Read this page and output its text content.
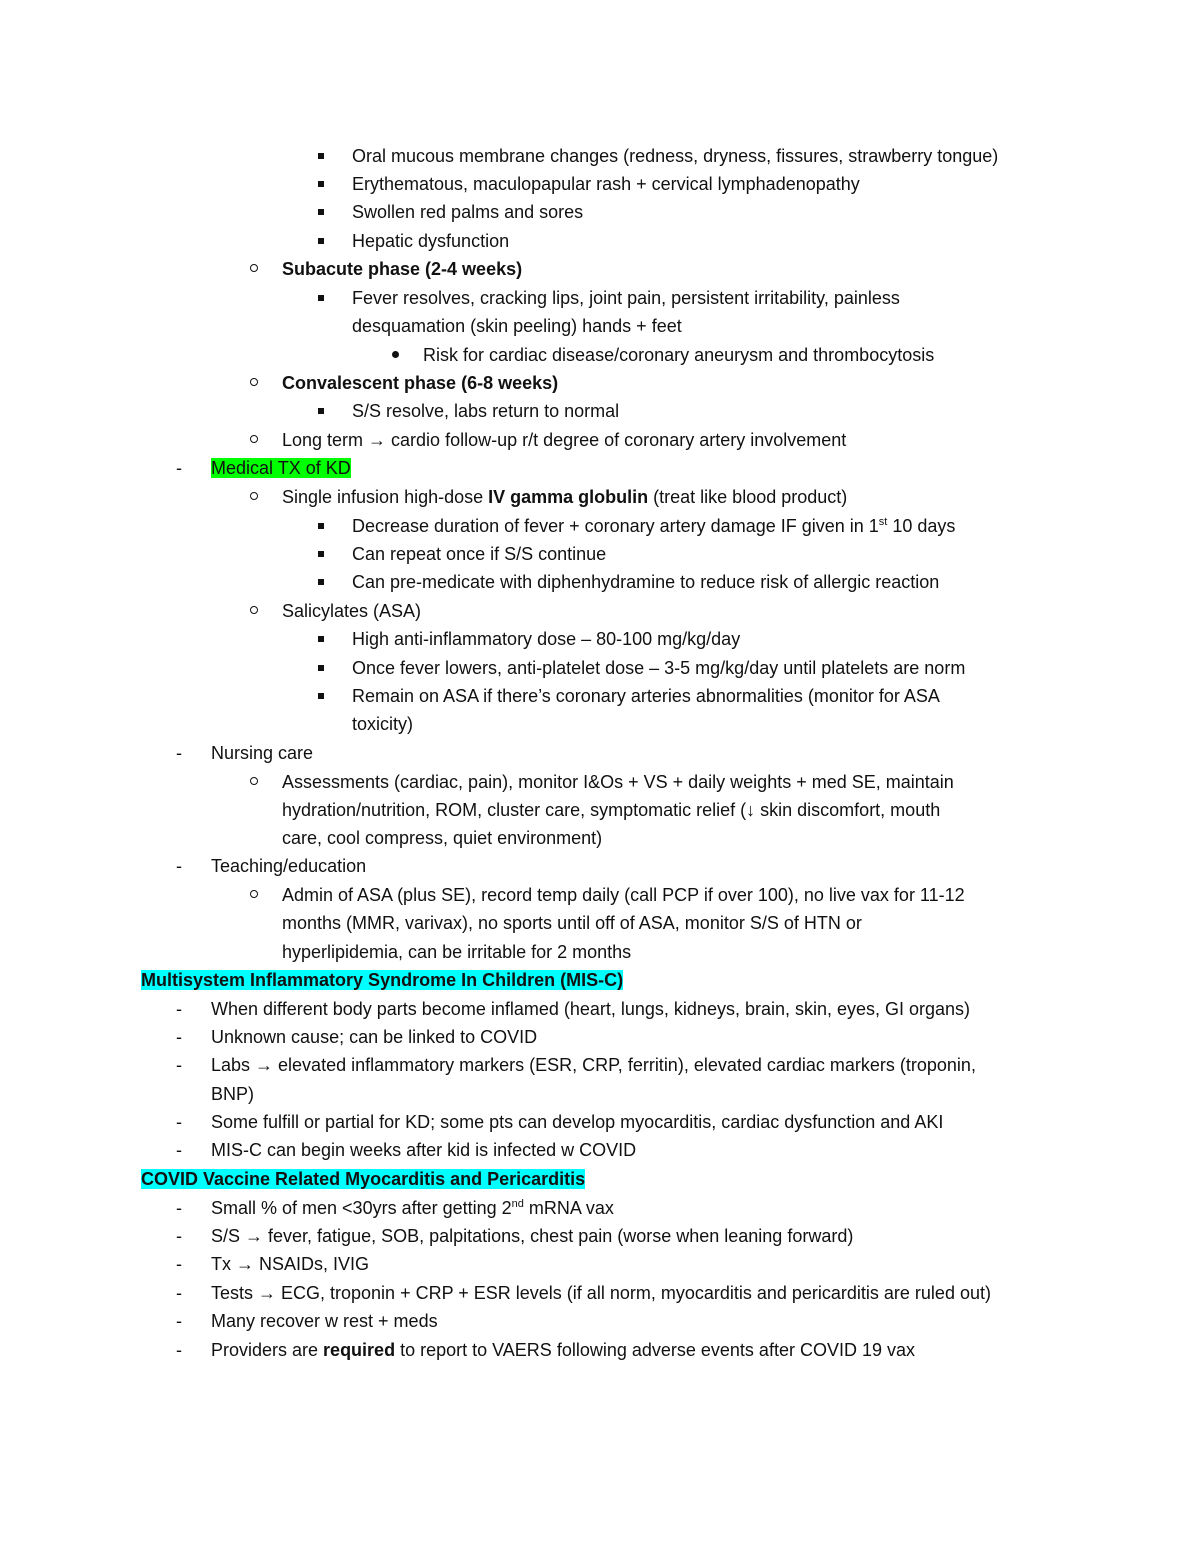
Oral mucous membrane changes (redness, dryness, fissures, strawberry tongue)
Erythematous, maculopapular rash + cervical lymphadenopathy
Swollen red palms and sores
Hepatic dysfunction
Subacute phase (2-4 weeks)
Fever resolves, cracking lips, joint pain, persistent irritability, painless
desquamation (skin peeling) hands + feet
Risk for cardiac disease/coronary aneurysm and thrombocytosis
Convalescent phase (6-8 weeks)
S/S resolve, labs return to normal
Long term → cardio follow-up r/t degree of coronary artery involvement
- Medical TX of KD
Single infusion high-dose IV gamma globulin (treat like blood product)
Decrease duration of fever + coronary artery damage IF given in 1st 10 days
Can repeat once if S/S continue
Can pre-medicate with diphenhydramine to reduce risk of allergic reaction
Salicylates (ASA)
High anti-inflammatory dose – 80-100 mg/kg/day
Once fever lowers, anti-platelet dose – 3-5 mg/kg/day until platelets are norm
Remain on ASA if there’s coronary arteries abnormalities (monitor for ASA
toxicity)
- Nursing care
Assessments (cardiac, pain), monitor I&Os + VS + daily weights + med SE, maintain
hydration/nutrition, ROM, cluster care, symptomatic relief (↓ skin discomfort, mouth
care, cool compress, quiet environment)
- Teaching/education
Admin of ASA (plus SE), record temp daily (call PCP if over 100), no live vax for 11-12
months (MMR, varivax), no sports until off of ASA, monitor S/S of HTN or
hyperlipidemia, can be irritable for 2 months
Multisystem Inflammatory Syndrome In Children (MIS-C)
- When different body parts become inflamed (heart, lungs, kidneys, brain, skin, eyes, GI organs)
- Unknown cause; can be linked to COVID
- Labs → elevated inflammatory markers (ESR, CRP, ferritin), elevated cardiac markers (troponin,
BNP)
- Some fulfill or partial for KD; some pts can develop myocarditis, cardiac dysfunction and AKI
- MIS-C can begin weeks after kid is infected w COVID
COVID Vaccine Related Myocarditis and Pericarditis
- Small % of men <30yrs after getting 2nd mRNA vax
- S/S → fever, fatigue, SOB, palpitations, chest pain (worse when leaning forward)
- Tx → NSAIDs, IVIG
- Tests → ECG, troponin + CRP + ESR levels (if all norm, myocarditis and pericarditis are ruled out)
- Many recover w rest + meds
- Providers are required to report to VAERS following adverse events after COVID 19 vax
